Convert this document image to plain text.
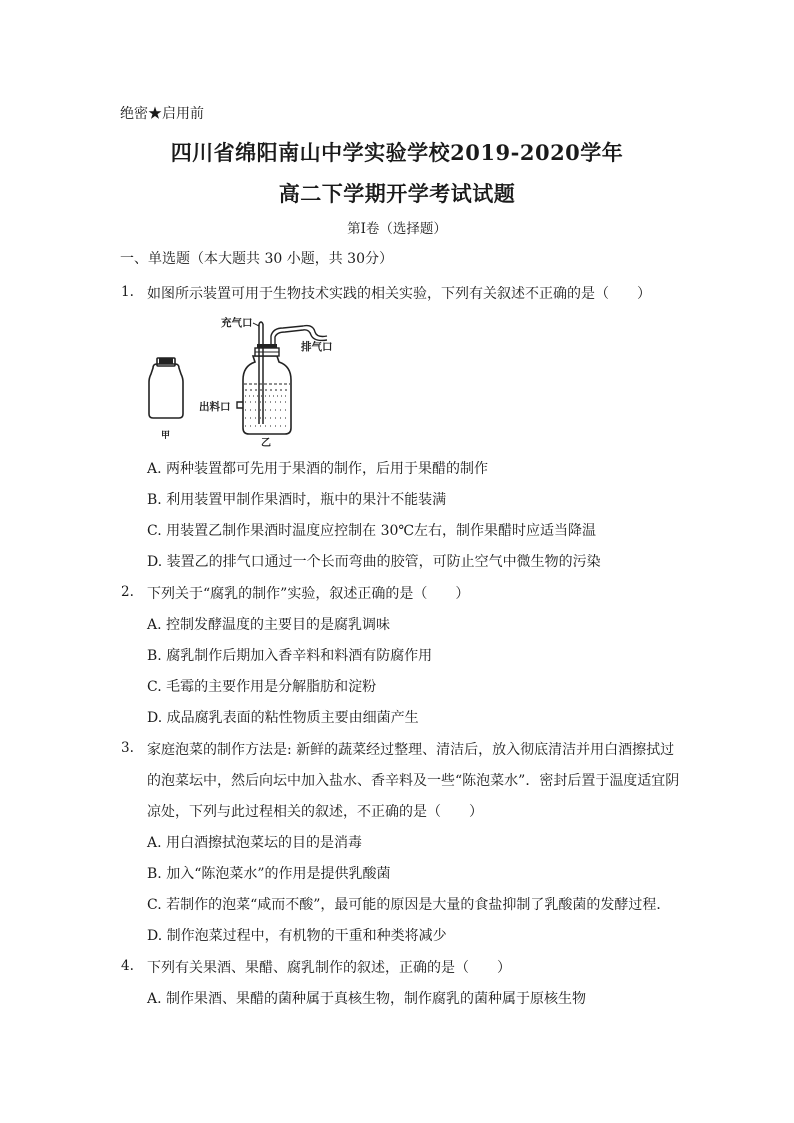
绝密★启用前
四川省绵阳南山中学实验学校2019-2020学年
高二下学期开学考试试题
第Ⅰ卷（选择题）
一、单选题（本大题共 30 小题，共 30分）
1. 如图所示装置可用于生物技术实践的相关实验，下列有关叙述不正确的是（　　）
充气口
排气口
出料口
甲
乙
A. 两种装置都可先用于果酒的制作，后用于果醋的制作
B. 利用装置甲制作果酒时，瓶中的果汁不能装满
C. 用装置乙制作果酒时温度应控制在 30℃左右，制作果醋时应适当降温
D. 装置乙的排气口通过一个长而弯曲的胶管，可防止空气中微生物的污染
2. 下列关于“腐乳的制作”实验，叙述正确的是（　　）
A. 控制发酵温度的主要目的是腐乳调味
B. 腐乳制作后期加入香辛料和料酒有防腐作用
C. 毛霉的主要作用是分解脂肪和淀粉
D. 成品腐乳表面的粘性物质主要由细菌产生
3. 家庭泡菜的制作方法是: 新鲜的蔬菜经过整理、清洁后，放入彻底清洁并用白酒擦拭过
的泡菜坛中，然后向坛中加入盐水、香辛料及一些“陈泡菜水”．密封后置于温度适宜阴
凉处，下列与此过程相关的叙述，不正确的是（　　）
A. 用白酒擦拭泡菜坛的目的是消毒
B. 加入“陈泡菜水”的作用是提供乳酸菌
C. 若制作的泡菜“咸而不酸”，最可能的原因是大量的食盐抑制了乳酸菌的发酵过程．
D. 制作泡菜过程中，有机物的干重和种类将减少
4. 下列有关果酒、果醋、腐乳制作的叙述，正确的是（　　）
A. 制作果酒、果醋的菌种属于真核生物，制作腐乳的菌种属于原核生物
